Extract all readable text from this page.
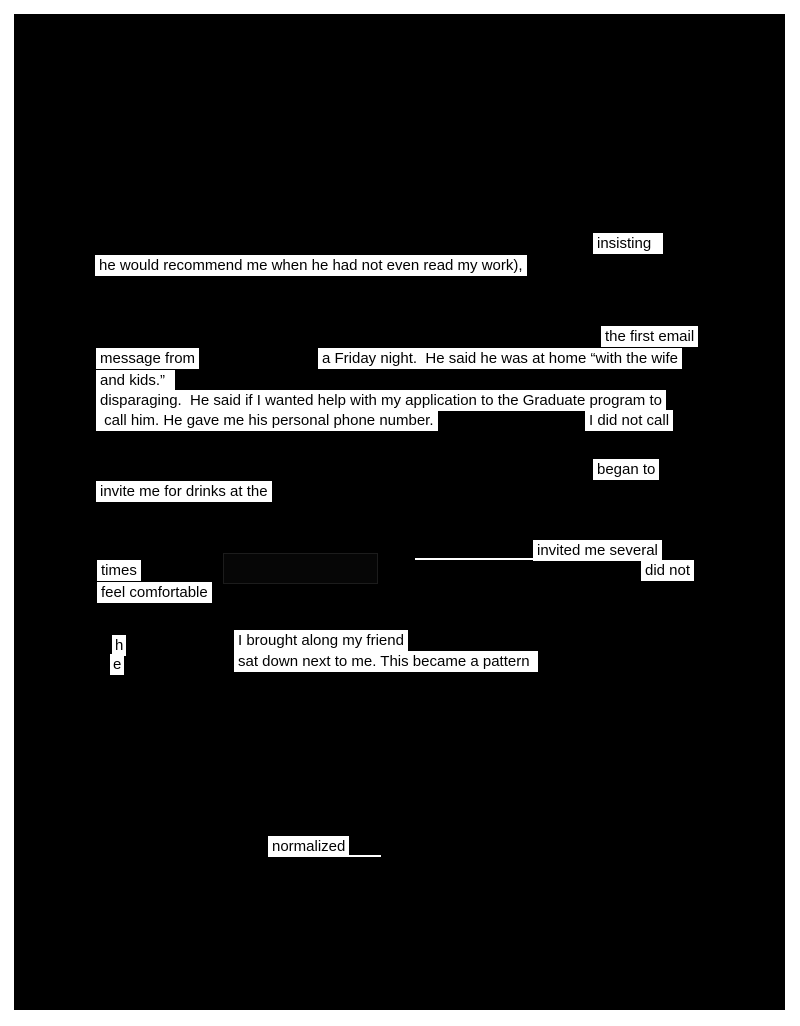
insisting
he would recommend me when he had not even read my work),
the first email
message from	a Friday night.  He said he was at home “with the wife
and kids.”
disparaging.  He said if I wanted help with my application to the Graduate program to
call him. He gave me his personal phone number.	I did not call
began to
invite me for drinks at the
invited me several
times	did not
feel comfortable
h
e
I brought along my friend
sat down next to me. This became a pattern
normalized
